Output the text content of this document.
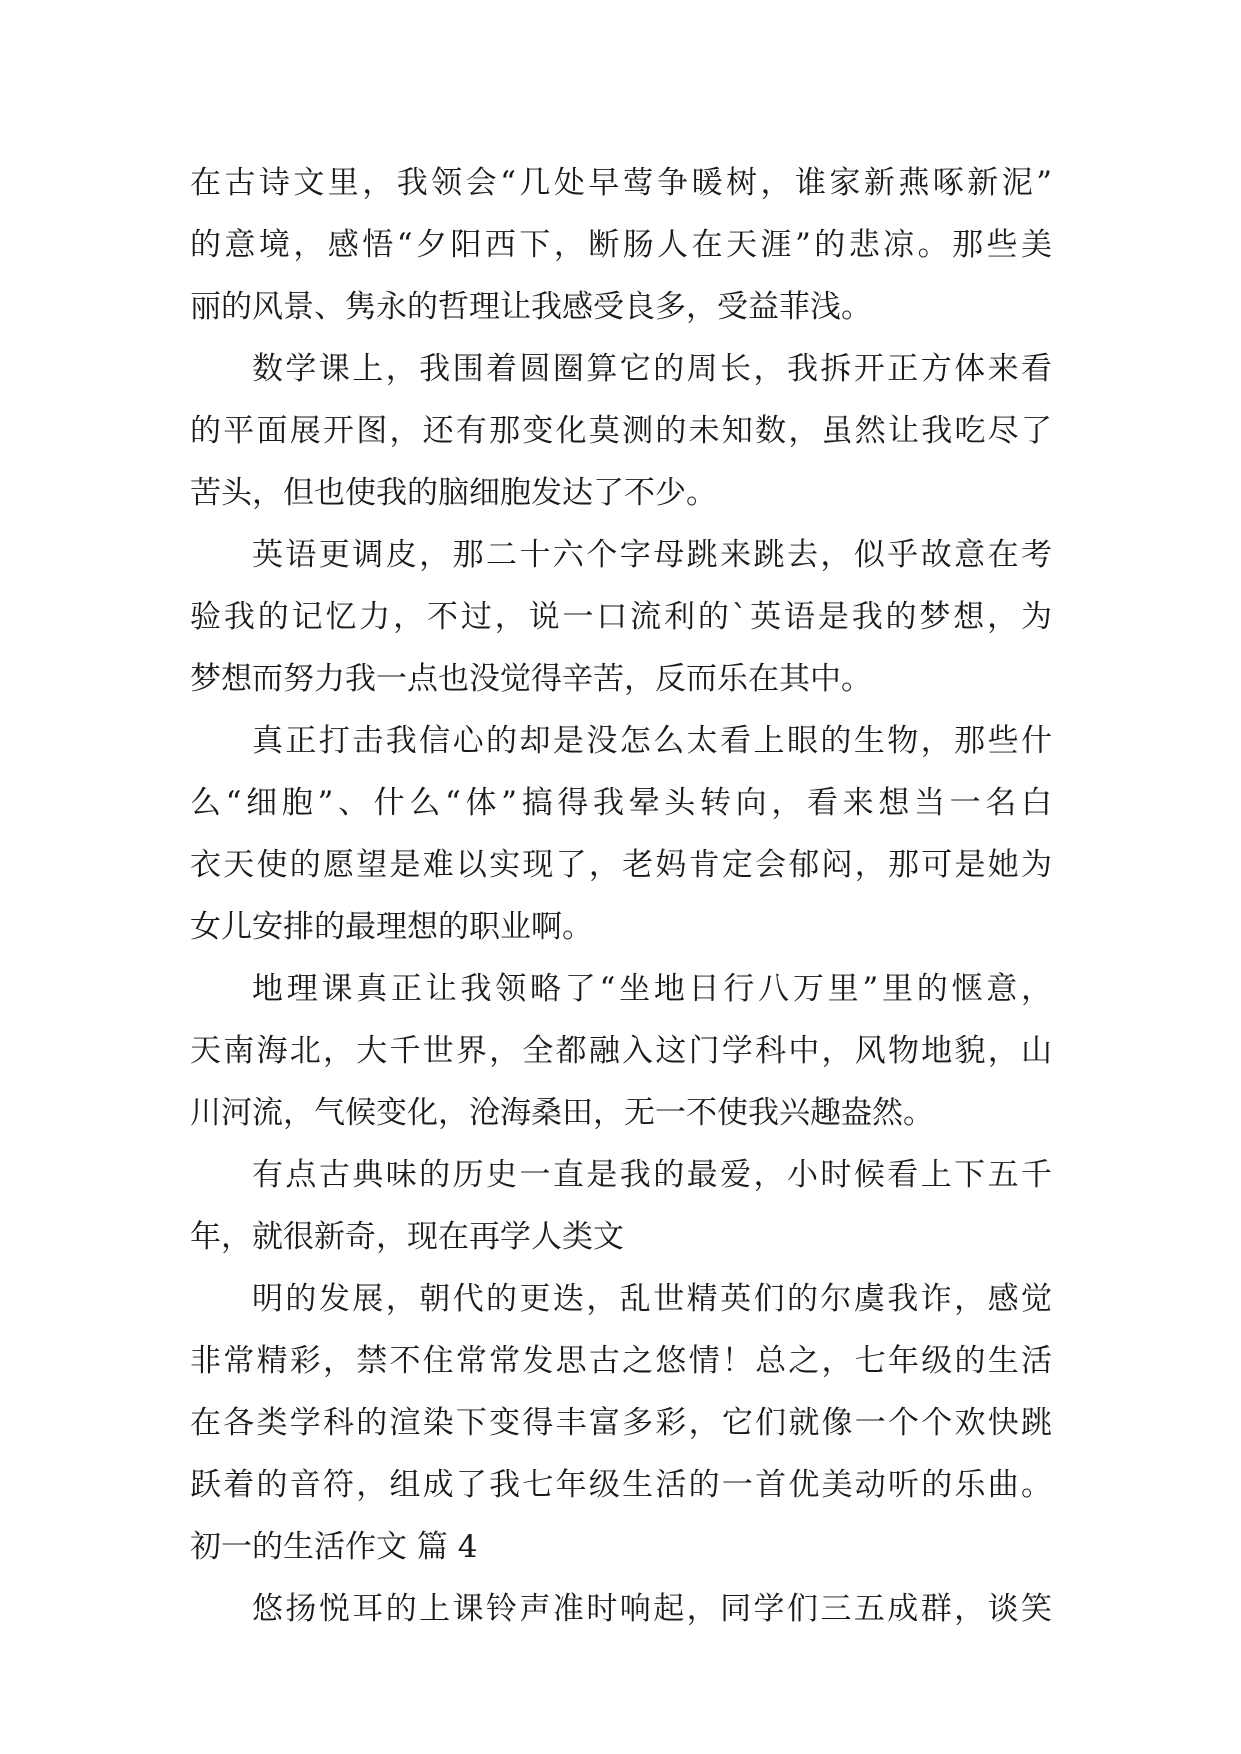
在古诗文里，我领会“几处早莺争暖树，谁家新燕啄新泥”
的意境，感悟“夕阳西下，断肠人在天涯”的悲凉。那些美
丽的风景、隽永的哲理让我感受良多，受益菲浅。
数学课上，我围着圆圈算它的周长，我拆开正方体来看
的平面展开图，还有那变化莫测的未知数，虽然让我吃尽了
苦头，但也使我的脑细胞发达了不少。
英语更调皮，那二十六个字母跳来跳去，似乎故意在考
验我的记忆力，不过，说一口流利的`英语是我的梦想，为
梦想而努力我一点也没觉得辛苦，反而乐在其中。
真正打击我信心的却是没怎么太看上眼的生物，那些什
么“细胞”、什么“体”搞得我晕头转向，看来想当一名白
衣天使的愿望是难以实现了，老妈肯定会郁闷，那可是她为
女儿安排的最理想的职业啊。
地理课真正让我领略了“坐地日行八万里”里的惬意，
天南海北，大千世界，全都融入这门学科中，风物地貌，山
川河流，气候变化，沧海桑田，无一不使我兴趣盎然。
有点古典味的历史一直是我的最爱，小时候看上下五千
年，就很新奇，现在再学人类文
明的发展，朝代的更迭，乱世精英们的尔虞我诈，感觉
非常精彩，禁不住常常发思古之悠情！总之，七年级的生活
在各类学科的渲染下变得丰富多彩，它们就像一个个欢快跳
跃着的音符，组成了我七年级生活的一首优美动听的乐曲。
初一的生活作文 篇 4
悠扬悦耳的上课铃声准时响起，同学们三五成群，谈笑
